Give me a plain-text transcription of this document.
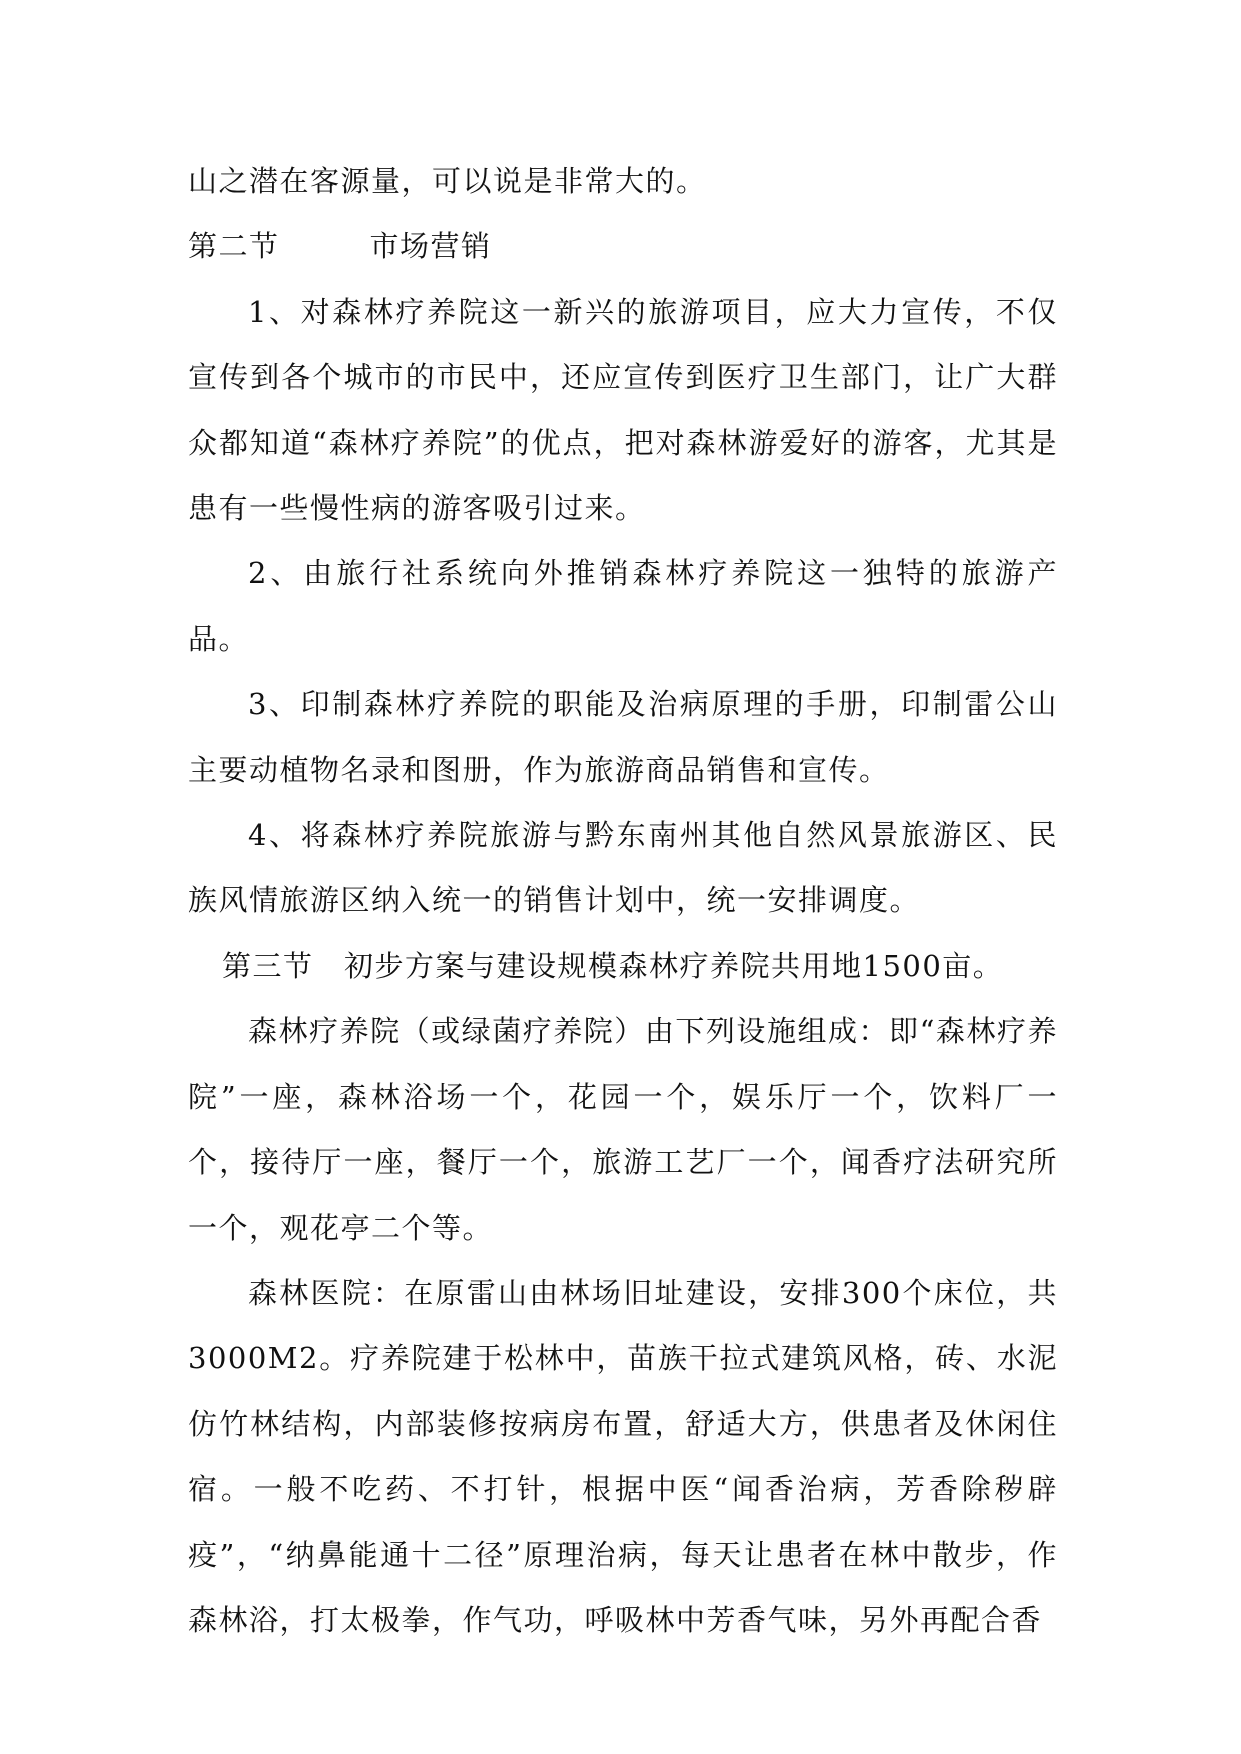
山之潜在客源量，可以说是非常大的。

第二节	市场营销

1、对森林疗养院这一新兴的旅游项目，应大力宣传，不仅宣传到各个城市的市民中，还应宣传到医疗卫生部门，让广大群众都知道“森林疗养院”的优点，把对森林游爱好的游客，尤其是患有一些慢性病的游客吸引过来。

2、由旅行社系统向外推销森林疗养院这一独特的旅游产品。

3、印制森林疗养院的职能及治病原理的手册，印制雷公山主要动植物名录和图册，作为旅游商品销售和宣传。

4、将森林疗养院旅游与黔东南州其他自然风景旅游区、民族风情旅游区纳入统一的销售计划中，统一安排调度。

第三节　初步方案与建设规模森林疗养院共用地1500亩。

森林疗养院（或绿菌疗养院）由下列设施组成：即“森林疗养院”一座，森林浴场一个，花园一个，娱乐厅一个，饮料厂一个，接待厅一座，餐厅一个，旅游工艺厂一个，闻香疗法研究所一个，观花亭二个等。

森林医院：在原雷山由林场旧址建设，安排300个床位，共3000M2。疗养院建于松林中，苗族干拉式建筑风格，砖、水泥仿竹林结构，内部装修按病房布置，舒适大方，供患者及休闲住宿。一般不吃药、不打针，根据中医“闻香治病，芳香除秽辟疫”，“纳鼻能通十二径”原理治病，每天让患者在林中散步，作森林浴，打太极拳，作气功，呼吸林中芳香气味，另外再配合香
